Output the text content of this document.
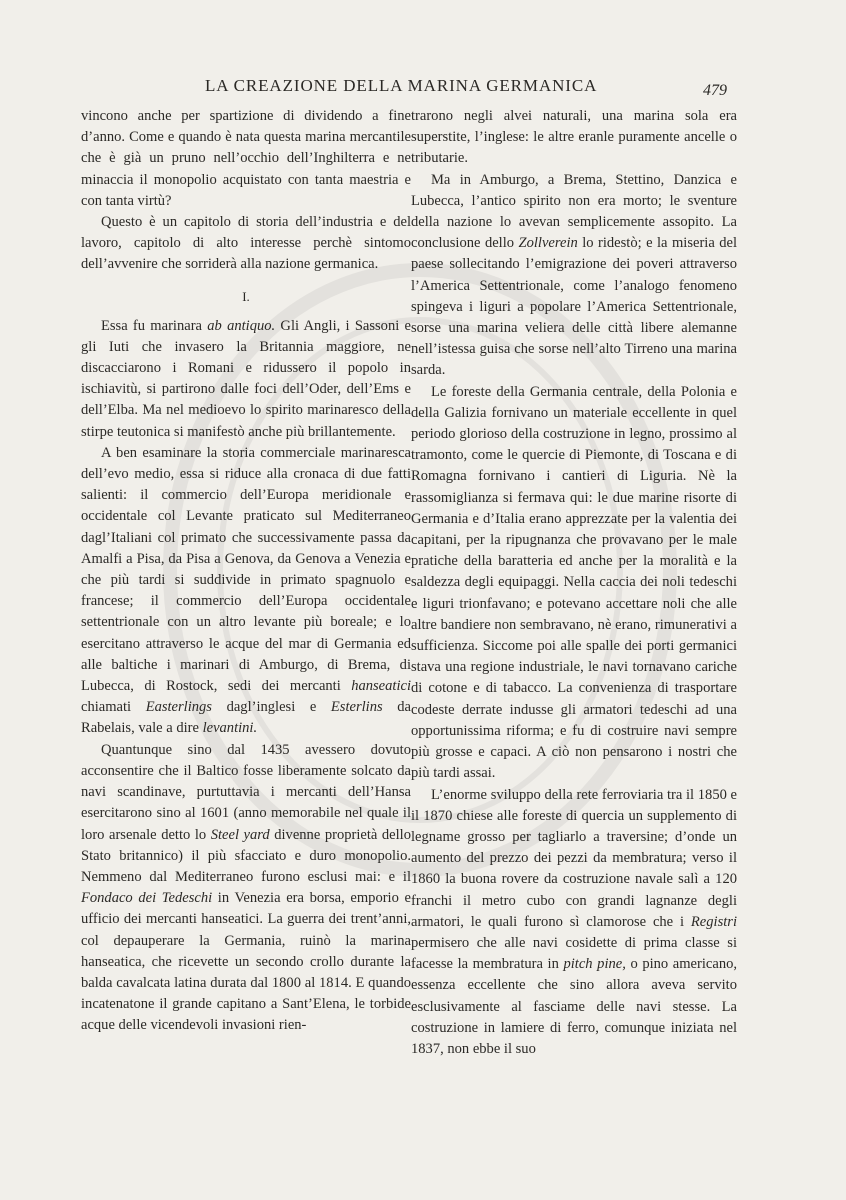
LA CREAZIONE DELLA MARINA GERMANICA	479

vincono anche per spartizione di dividendo a fine d’anno. Come e quando è nata questa marina mercantile che è già un pruno nell’occhio dell’Inghilterra e ne minaccia il monopolio acquistato con tanta maestria e con tanta virtù?

Questo è un capitolo di storia dell’industria e del lavoro, capitolo di alto interesse perchè sintomo dell’avvenire che sorriderà alla nazione germanica.

I.

Essa fu marinara ab antiquo. Gli Angli, i Sassoni e gli Iuti che invasero la Britannia maggiore, ne discacciarono i Romani e ridussero il popolo in ischiavitù, si partirono dalle foci dell’Oder, dell’Ems e dell’Elba. Ma nel medioevo lo spirito marinaresco della stirpe teutonica si manifestò anche più brillantemente.

A ben esaminare la storia commerciale marinaresca dell’evo medio, essa si riduce alla cronaca di due fatti salienti: il commercio dell’Europa meridionale e occidentale col Levante praticato sul Mediterraneo dagl’Italiani col primato che successivamente passa da Amalfi a Pisa, da Pisa a Genova, da Genova a Venezia e che più tardi si suddivide in primato spagnuolo e francese; il commercio dell’Europa occidentale settentrionale con un altro levante più boreale; e lo esercitano attraverso le acque del mar di Germania ed alle baltiche i marinari di Amburgo, di Brema, di Lubecca, di Rostock, sedi dei mercanti hanseatici chiamati Easterlings dagl’inglesi e Esterlins da Rabelais, vale a dire levantini.

Quantunque sino dal 1435 avessero dovuto acconsentire che il Baltico fosse liberamente solcato da navi scandinave, purtuttavia i mercanti dell’Hansa esercitarono sino al 1601 (anno memorabile nel quale il loro arsenale detto lo Steel yard divenne proprietà dello Stato britannico) il più sfacciato e duro monopolio. Nemmeno dal Mediterraneo furono esclusi mai: e il Fondaco dei Tedeschi in Venezia era borsa, emporio e ufficio dei mercanti hanseatici. La guerra dei trent’anni, col depauperare la Germania, ruinò la marina hanseatica, che ricevette un secondo crollo durante la balda cavalcata latina durata dal 1800 al 1814. E quando incatenatone il grande capitano a Sant’Elena, le torbide acque delle vicendevoli invasioni rien-

trarono negli alvei naturali, una marina sola era superstite, l’inglese: le altre eranle puramente ancelle o tributarie.

Ma in Amburgo, a Brema, Stettino, Danzica e Lubecca, l’antico spirito non era morto; le sventure della nazione lo avevan semplicemente assopito. La conclusione dello Zollverein lo ridestò; e la miseria del paese sollecitando l’emigrazione dei poveri attraverso l’America Settentrionale, come l’analogo fenomeno spingeva i liguri a popolare l’America Settentrionale, sorse una marina veliera delle città libere alemanne nell’istessa guisa che sorse nell’alto Tirreno una marina sarda.

Le foreste della Germania centrale, della Polonia e della Galizia fornivano un materiale eccellente in quel periodo glorioso della costruzione in legno, prossimo al tramonto, come le quercie di Piemonte, di Toscana e di Romagna fornivano i cantieri di Liguria. Nè la rassomiglianza si fermava qui: le due marine risorte di Germania e d’Italia erano apprezzate per la valentia dei capitani, per la ripugnanza che provavano per le male pratiche della baratteria ed anche per la moralità e la saldezza degli equipaggi. Nella caccia dei noli tedeschi e liguri trionfavano; e potevano accettare noli che alle altre bandiere non sembravano, nè erano, rimunerativi a sufficienza. Siccome poi alle spalle dei porti germanici stava una regione industriale, le navi tornavano cariche di cotone e di tabacco. La convenienza di trasportare codeste derrate indusse gli armatori tedeschi ad una opportunissima riforma; e fu di costruire navi sempre più grosse e capaci. A ciò non pensarono i nostri che più tardi assai.

L’enorme sviluppo della rete ferroviaria tra il 1850 e il 1870 chiese alle foreste di quercia un supplemento di legname grosso per tagliarlo a traversine; d’onde un aumento del prezzo dei pezzi da membratura; verso il 1860 la buona rovere da costruzione navale salì a 120 franchi il metro cubo con grandi lagnanze degli armatori, le quali furono sì clamorose che i Registri permisero che alle navi cosidette di prima classe si facesse la membratura in pitch pine, o pino americano, essenza eccellente che sino allora aveva servito esclusivamente al fasciame delle navi stesse. La costruzione in lamiere di ferro, comunque iniziata nel 1837, non ebbe il suo
